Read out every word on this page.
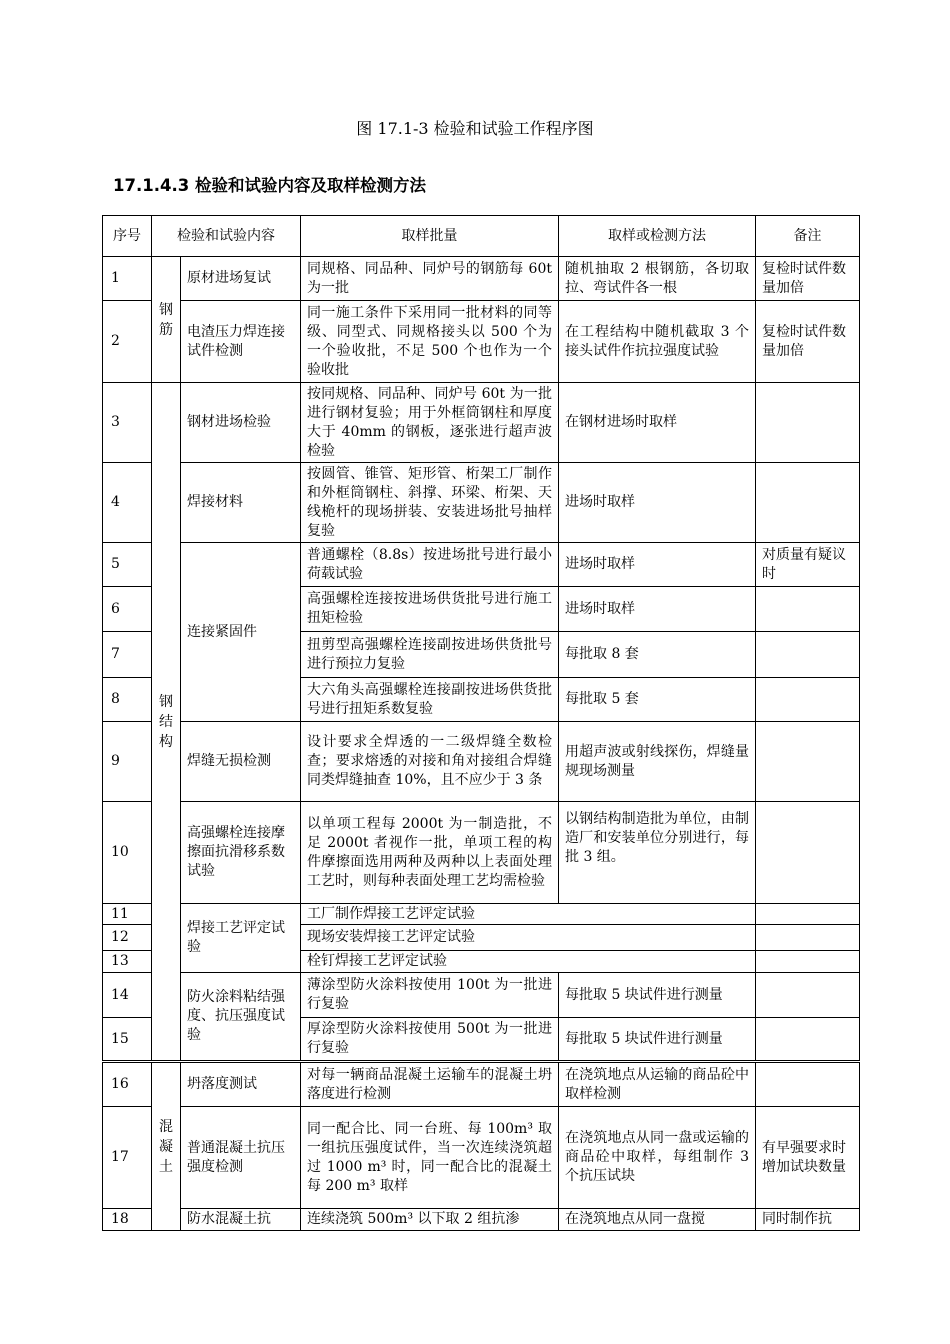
图 17.1-3 检验和试验工作程序图
17.1.4.3 检验和试验内容及取样检测方法
序号	检验和试验内容		取样批量	取样或检测方法	备注
1	钢筋	原材进场复试	同规格、同品种、同炉号的钢筋每 60t 为一批	随机抽取 2 根钢筋，各切取拉、弯试件各一根	复检时试件数量加倍
2		电渣压力焊连接试件检测	同一施工条件下采用同一批材料的同等级、同型式、同规格接头以 500 个为一个验收批，不足 500 个也作为一个验收批	在工程结构中随机截取 3 个接头试件作抗拉强度试验	复检时试件数量加倍
3	钢结构	钢材进场检验	按同规格、同品种、同炉号 60t 为一批进行钢材复验；用于外框筒钢柱和厚度大于 40mm 的钢板，逐张进行超声波检验	在钢材进场时取样	
4		焊接材料	按圆管、锥管、矩形管、桁架工厂制作和外框筒钢柱、斜撑、环梁、桁架、天线桅杆的现场拼装、安装进场批号抽样复验	进场时取样	
5		连接紧固件	普通螺栓（8.8s）按进场批号进行最小荷载试验	进场时取样	对质量有疑议时
6			高强螺栓连接按进场供货批号进行施工扭矩检验	进场时取样	
7			扭剪型高强螺栓连接副按进场供货批号进行预拉力复验	每批取 8 套	
8			大六角头高强螺栓连接副按进场供货批号进行扭矩系数复验	每批取 5 套	
9		焊缝无损检测	设计要求全焊透的一二级焊缝全数检查；要求熔透的对接和角对接组合焊缝同类焊缝抽查 10%，且不应少于 3 条	用超声波或射线探伤，焊缝量规现场测量	
10		高强螺栓连接摩擦面抗滑移系数试验	以单项工程每 2000t 为一制造批，不足 2000t 者视作一批，单项工程的构件摩擦面选用两种及两种以上表面处理工艺时，则每种表面处理工艺均需检验	以钢结构制造批为单位，由制造厂和安装单位分别进行，每批 3 组。	
11		焊接工艺评定试验	工厂制作焊接工艺评定试验		
12			现场安装焊接工艺评定试验		
13			栓钉焊接工艺评定试验		
14		防火涂料粘结强度、抗压强度试验	薄涂型防火涂料按使用 100t 为一批进行复验	每批取 5 块试件进行测量	
15			厚涂型防火涂料按使用 500t 为一批进行复验	每批取 5 块试件进行测量	
16	混凝土	坍落度测试	对每一辆商品混凝土运输车的混凝土坍落度进行检测	在浇筑地点从运输的商品砼中取样检测	
17		普通混凝土抗压强度检测	同一配合比、同一台班、每 100m³ 取一组抗压强度试件，当一次连续浇筑超过 1000 m³ 时，同一配合比的混凝土每 200 m³ 取样	在浇筑地点从同一盘或运输的商品砼中取样，每组制作 3 个抗压试块	有早强要求时增加试块数量
18		防水混凝土抗	连续浇筑 500m³ 以下取 2 组抗渗	在浇筑地点从同一盘搅	同时制作抗
